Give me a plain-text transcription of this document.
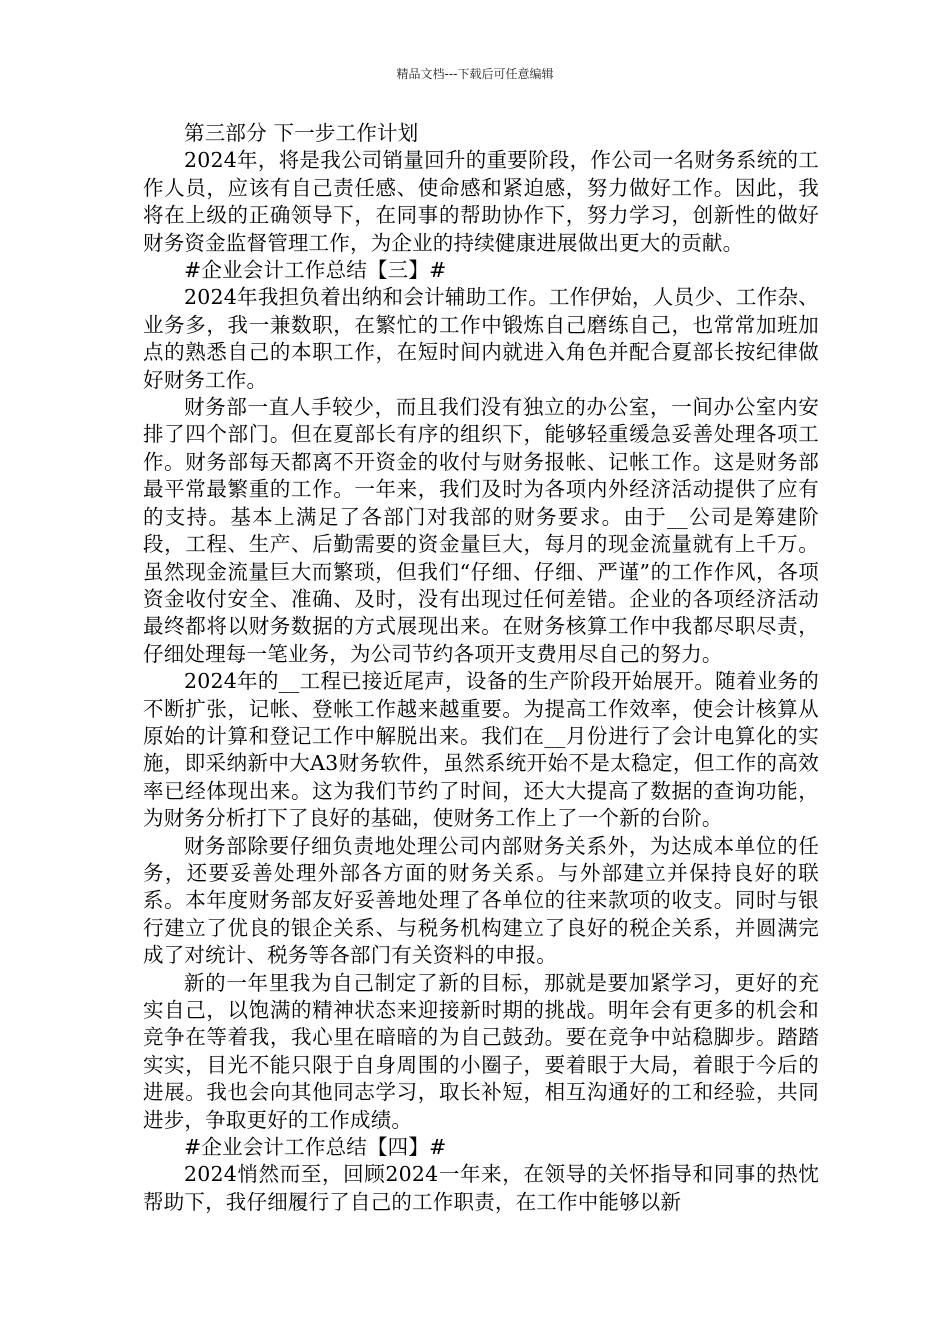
精品文档---下载后可任意编辑

第三部分 下一步工作计划

2024年，将是我公司销量回升的重要阶段，作公司一名财务系统的工作人员，应该有自己责任感、使命感和紧迫感，努力做好工作。因此，我将在上级的正确领导下，在同事的帮助协作下，努力学习，创新性的做好财务资金监督管理工作，为企业的持续健康进展做出更大的贡献。

#企业会计工作总结【三】#

2024年我担负着出纳和会计辅助工作。工作伊始，人员少、工作杂、业务多，我一兼数职，在繁忙的工作中锻炼自己磨练自己，也常常加班加点的熟悉自己的本职工作，在短时间内就进入角色并配合夏部长按纪律做好财务工作。

财务部一直人手较少，而且我们没有独立的办公室，一间办公室内安排了四个部门。但在夏部长有序的组织下，能够轻重缓急妥善处理各项工作。财务部每天都离不开资金的收付与财务报帐、记帐工作。这是财务部最平常最繁重的工作。一年来，我们及时为各项内外经济活动提供了应有的支持。基本上满足了各部门对我部的财务要求。由于__公司是筹建阶段，工程、生产、后勤需要的资金量巨大，每月的现金流量就有上千万。虽然现金流量巨大而繁琐，但我们“仔细、仔细、严谨”的工作作风，各项资金收付安全、准确、及时，没有出现过任何差错。企业的各项经济活动最终都将以财务数据的方式展现出来。在财务核算工作中我都尽职尽责，仔细处理每一笔业务，为公司节约各项开支费用尽自己的努力。

2024年的__工程已接近尾声，设备的生产阶段开始展开。随着业务的不断扩张，记帐、登帐工作越来越重要。为提高工作效率，使会计核算从原始的计算和登记工作中解脱出来。我们在__月份进行了会计电算化的实施，即采纳新中大A3财务软件，虽然系统开始不是太稳定，但工作的高效率已经体现出来。这为我们节约了时间，还大大提高了数据的查询功能，为财务分析打下了良好的基础，使财务工作上了一个新的台阶。

财务部除要仔细负责地处理公司内部财务关系外，为达成本单位的任务，还要妥善处理外部各方面的财务关系。与外部建立并保持良好的联系。本年度财务部友好妥善地处理了各单位的往来款项的收支。同时与银行建立了优良的银企关系、与税务机构建立了良好的税企关系，并圆满完成了对统计、税务等各部门有关资料的申报。

新的一年里我为自己制定了新的目标，那就是要加紧学习，更好的充实自己，以饱满的精神状态来迎接新时期的挑战。明年会有更多的机会和竞争在等着我，我心里在暗暗的为自己鼓劲。要在竞争中站稳脚步。踏踏实实，目光不能只限于自身周围的小圈子，要着眼于大局，着眼于今后的进展。我也会向其他同志学习，取长补短，相互沟通好的工和经验，共同进步，争取更好的工作成绩。

#企业会计工作总结【四】#

2024悄然而至，回顾2024一年来，在领导的关怀指导和同事的热忱帮助下，我仔细履行了自己的工作职责，在工作中能够以新
